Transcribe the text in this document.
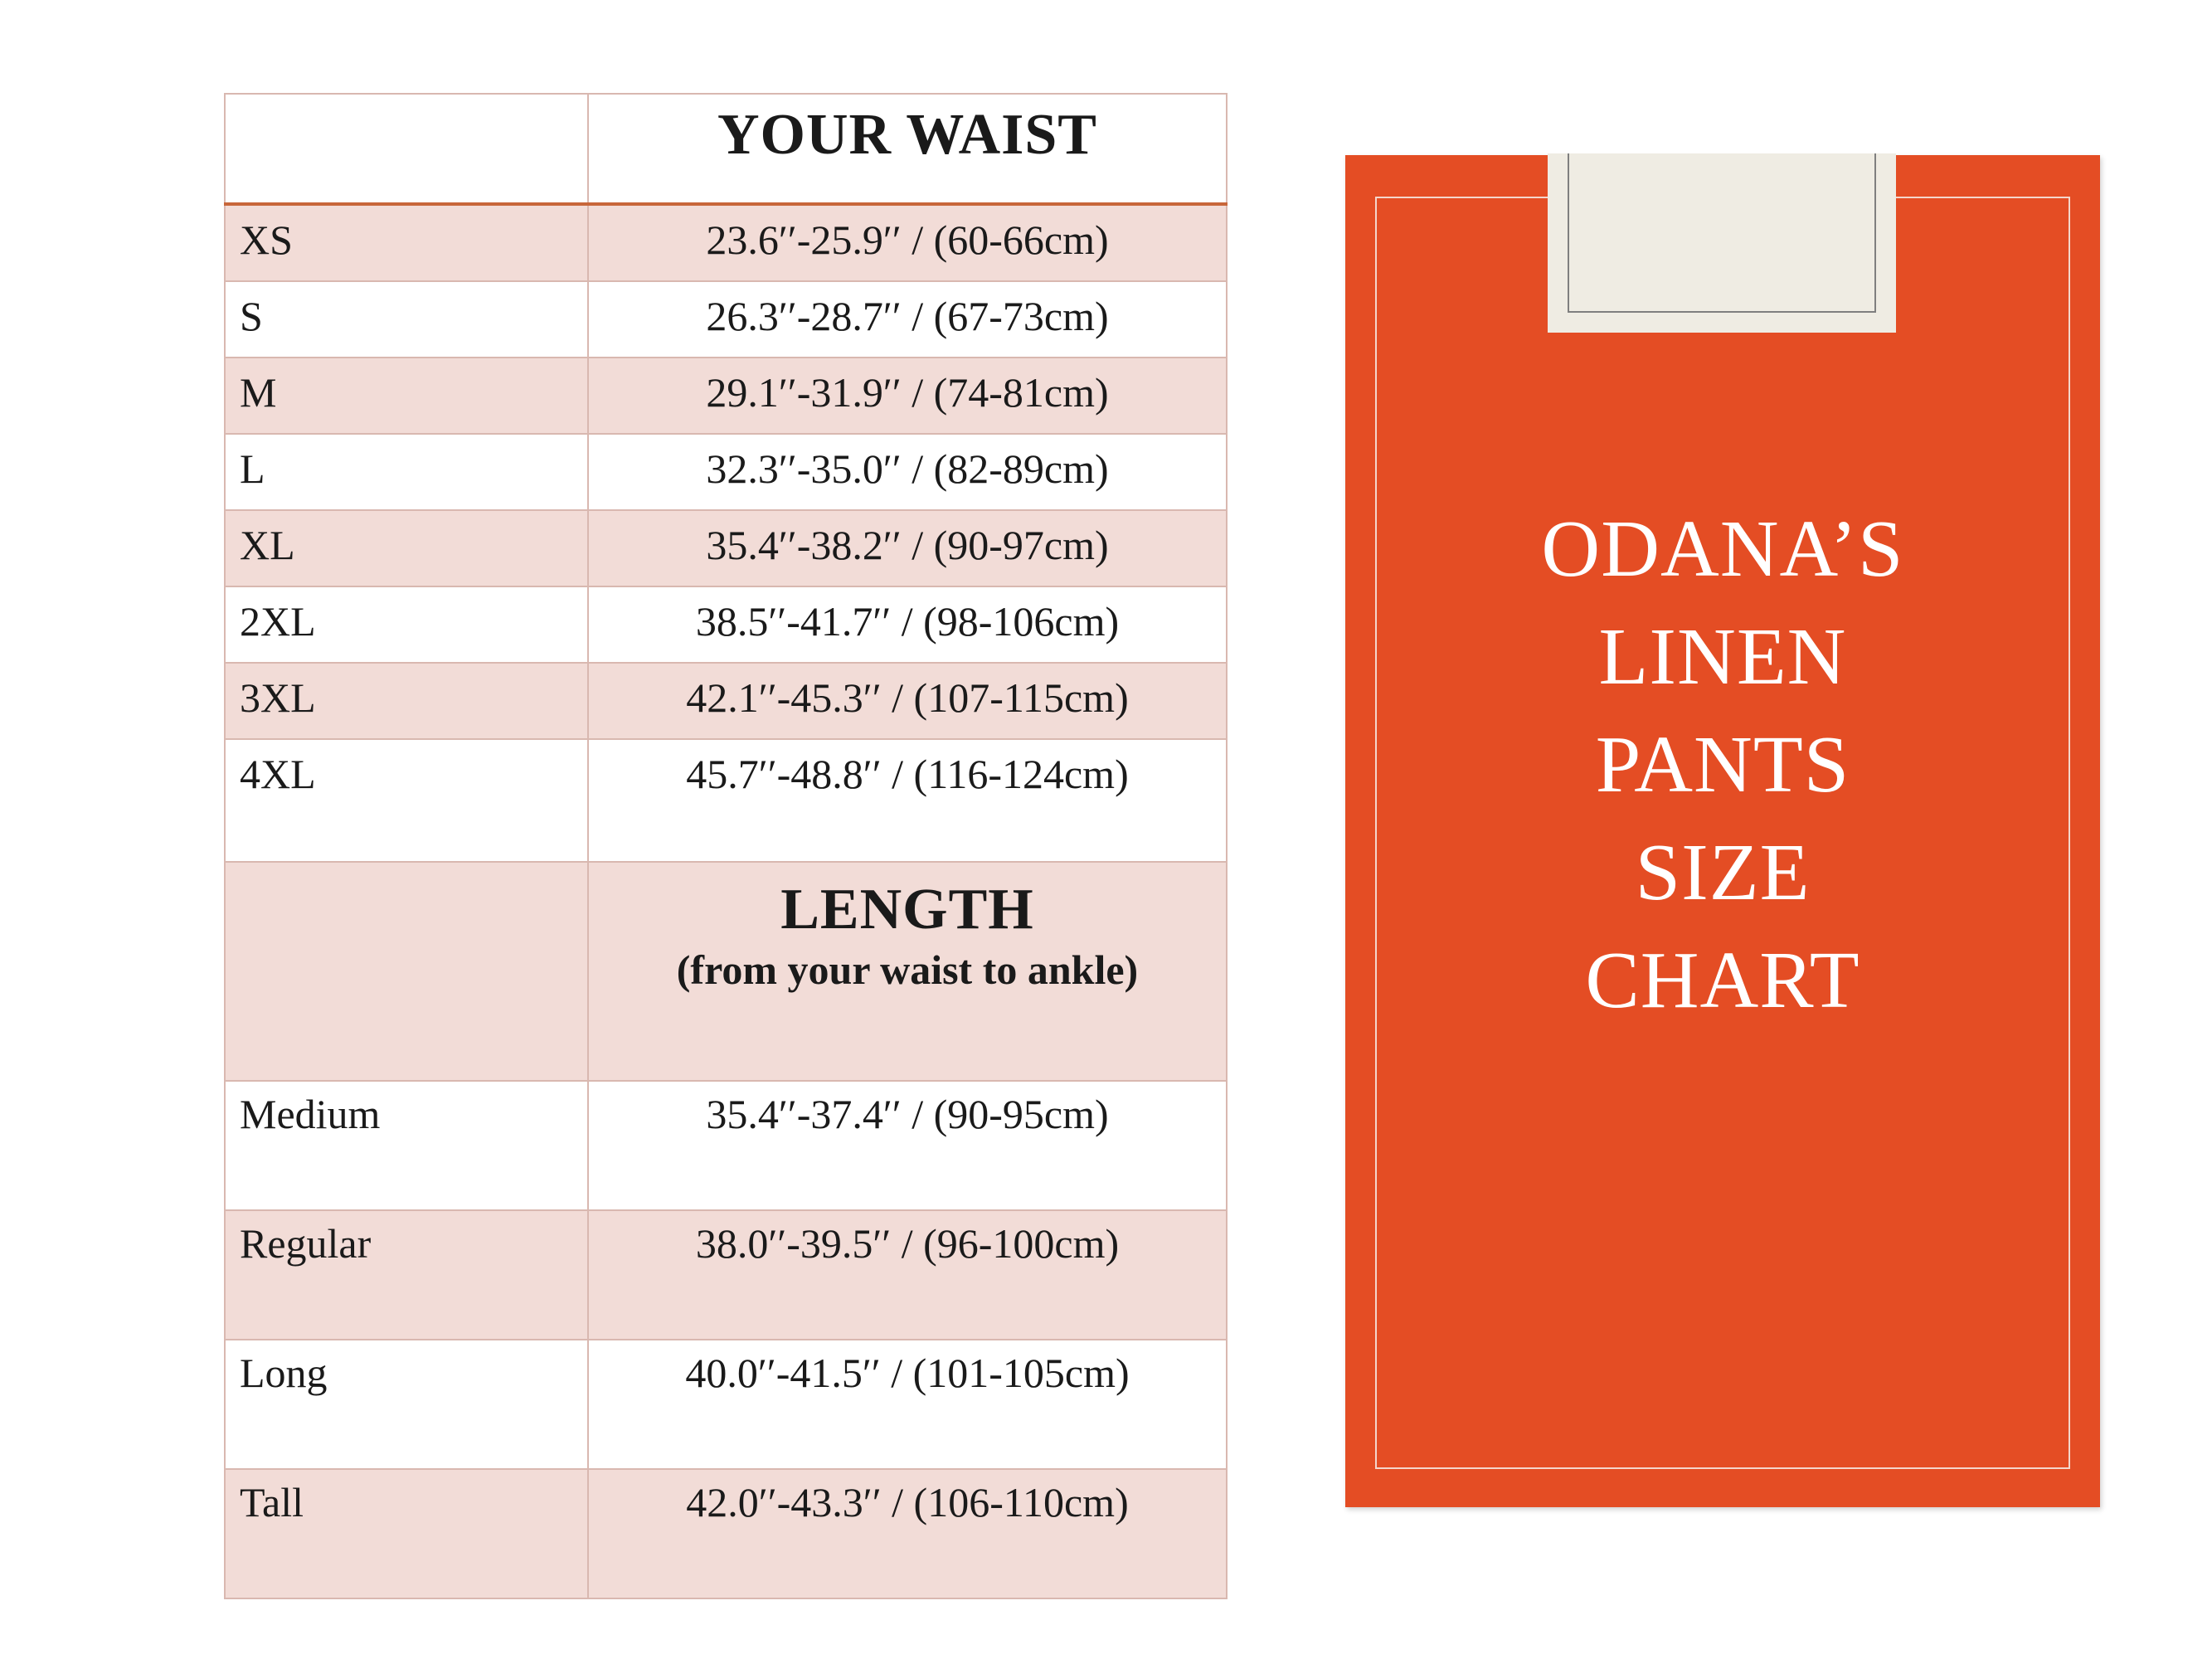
	YOUR WAIST
XS	23.6′′-25.9′′ / (60-66cm)
S	26.3′′-28.7′′ / (67-73cm)
M	29.1′′-31.9′′ / (74-81cm)
L	32.3′′-35.0′′ / (82-89cm)
XL	35.4′′-38.2′′ / (90-97cm)
2XL	38.5′′-41.7′′ / (98-106cm)
3XL	42.1′′-45.3′′ / (107-115cm)
4XL	45.7′′-48.8′′ / (116-124cm)

	LENGTH
(from your waist to ankle)

Medium	35.4′′-37.4′′ / (90-95cm)
Regular	38.0′′-39.5′′ / (96-100cm)
Long	40.0′′-41.5′′ / (101-105cm)
Tall	42.0′′-43.3′′ / (106-110cm)
ODANA’S
LINEN
PANTS
SIZE
CHART
